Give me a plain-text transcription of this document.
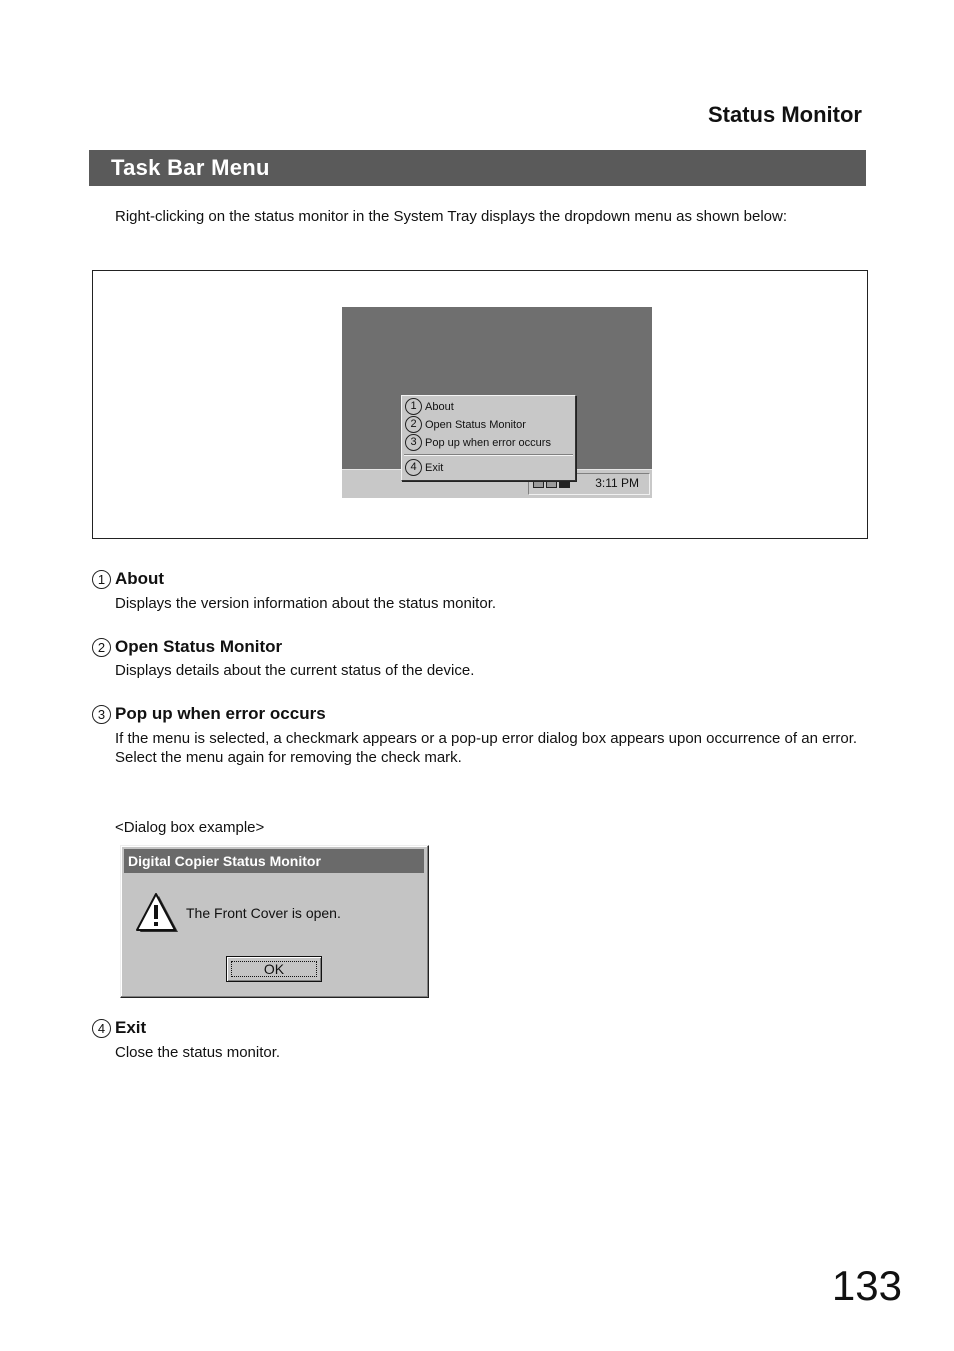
Status Monitor
Task Bar Menu
Right-clicking on the status monitor in the System Tray displays the dropdown menu as shown below:
3:11 PM
1 About
2 Open Status Monitor
3 Pop up when error occurs
4 Exit
1 About
Displays the version information about the status monitor.
2 Open Status Monitor
Displays details about the current status of the device.
3 Pop up when error occurs
If the menu is selected, a checkmark appears or a pop-up error dialog box appears upon occurrence of an error.
Select the menu again for removing the check mark.
<Dialog box example>
Digital Copier Status Monitor
The Front Cover is open.
OK
4 Exit
Close the status monitor.
133
